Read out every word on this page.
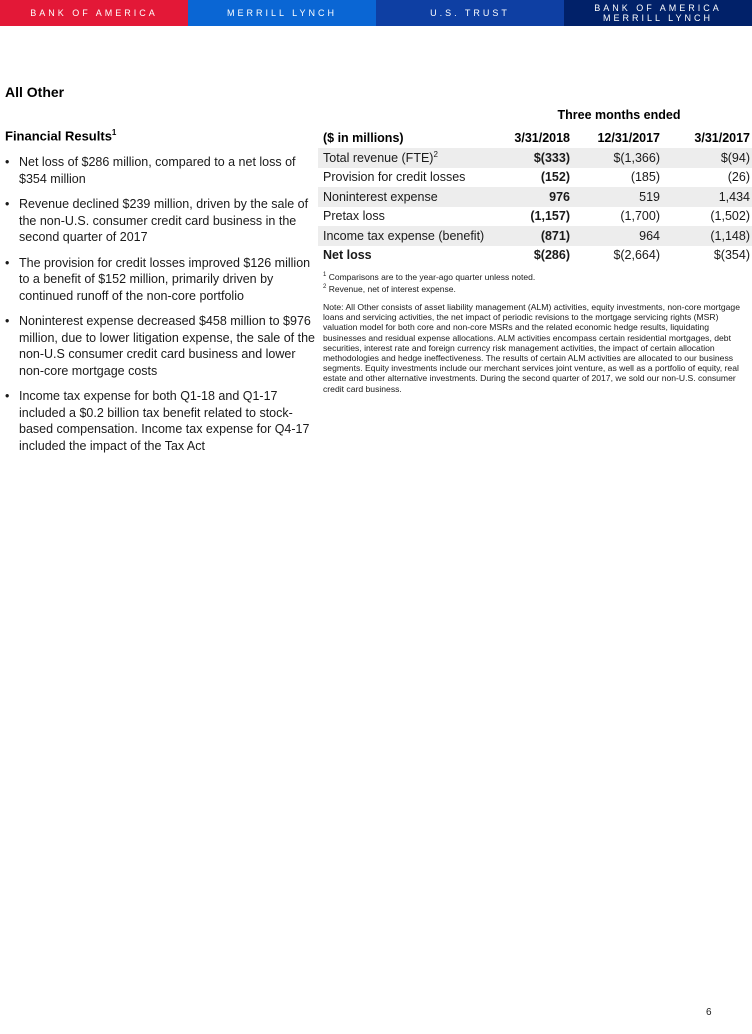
BANK OF AMERICA	MERRILL LYNCH	U.S. TRUST	BANK OF AMERICA
MERRILL LYNCH
All Other
Financial Results$^1$
• Net loss of $286 million, compared to a net loss of $354 million
• Revenue declined $239 million, driven by the sale of the non-U.S. consumer credit card business in the second quarter of 2017
• The provision for credit losses improved $126 million to a benefit of $152 million, primarily driven by continued runoff of the non-core portfolio
• Noninterest expense decreased $458 million to $976 million, due to lower litigation expense, the sale of the non-U.S consumer credit card business and lower non-core mortgage costs
• Income tax expense for both Q1-18 and Q1-17 included a $0.2 billion tax benefit related to stock-based compensation. Income tax expense for Q4-17 included the impact of the Tax Act
Three months ended
($ in millions)	3/31/2018	12/31/2017	3/31/2017
Total revenue (FTE)$^2$	$(333)	$(1,366)	$(94)
Provision for credit losses	(152)	(185)	(26)
Noninterest expense	976	519	1,434
Pretax loss	(1,157)	(1,700)	(1,502)
Income tax expense (benefit)	(871)	964	(1,148)
Net loss	$(286)	$(2,664)	$(354)
$^1$ Comparisons are to the year-ago quarter unless noted.
$^2$ Revenue, net of interest expense.
Note: All Other consists of asset liability management (ALM) activities, equity investments, non-core mortgage loans and servicing activities, the net impact of periodic revisions to the mortgage servicing rights (MSR) valuation model for both core and non-core MSRs and the related economic hedge results, liquidating businesses and residual expense allocations. ALM activities encompass certain residential mortgages, debt securities, interest rate and foreign currency risk management activities, the impact of certain allocation methodologies and hedge ineffectiveness. The results of certain ALM activities are allocated to our business segments. Equity investments include our merchant services joint venture, as well as a portfolio of equity, real estate and other alternative investments. During the second quarter of 2017, we sold our non-U.S. consumer credit card business.
6
